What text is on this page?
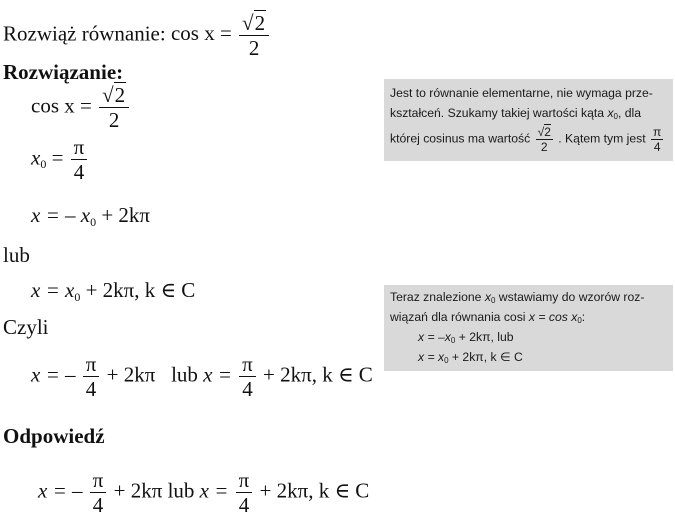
Rozwiąż równanie: $\cos x = \frac{√2}{2}$
Rozwiązanie:
$\cos x = \frac{√2}{2}$
$x_0 = \frac{\pi}{4}$
x = – $x_0 + 2k\pi$
lub
$x = x_0 + 2k\pi$, k ∈ C
Czyli
x = – $\frac{\pi}{4} + 2k\pi$ lub $x = \frac{\pi}{4} + 2k\pi$, k ∈ C
Odpowiedź
x = – $\frac{\pi}{4} + 2k\pi$ lub $x = \frac{\pi}{4} + 2k\pi$, k ∈ C
Jest to równanie elementarne, nie wymaga prze-
kształceń. Szukamy takiej wartości kąta $x_0$, dla
której cosinus ma wartość $\frac{√2}{2}$ . Kątem tym jest $\frac{\pi}{4}$
Teraz znalezione $x_0$ wstawiamy do wzorów roz-
wiązań dla równania cosi $x = \cos x_0$:
$x = -x_0 + 2k\pi$, lub
$x = x_0 + 2k\pi$, k ∈ C
